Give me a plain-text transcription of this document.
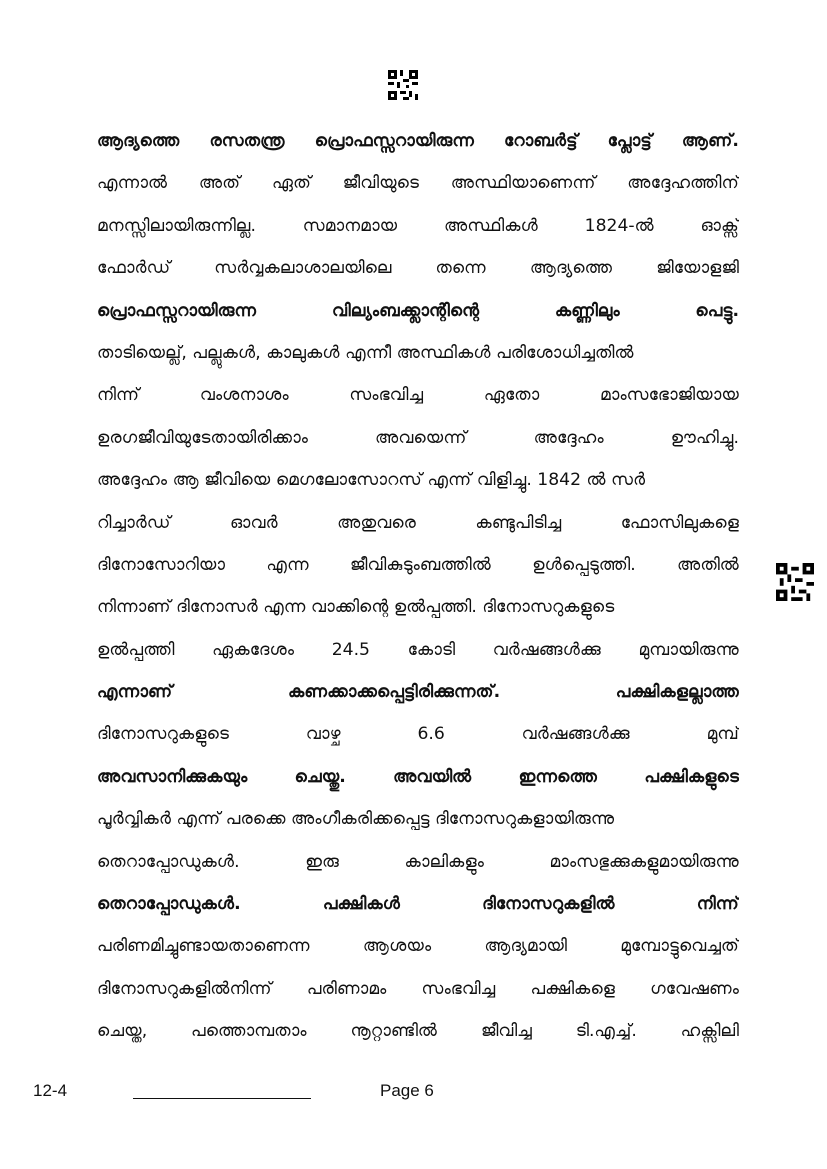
ആദ്യത്തെ രസതന്ത്ര പ്രൊഫസ്സറായിരുന്ന റോബർട്ട് പ്ലോട്ട് ആണ്.
എന്നാൽ അത് ഏത് ജീവിയുടെ അസ്ഥിയാണെന്ന് അദ്ദേഹത്തിന്
മനസ്സിലായിരുന്നില്ല.	സമാനമായ	അസ്ഥികൾ	1824-ൽ	ഓക്സ്
ഫോർഡ്	സർവ്വകലാശാലയിലെ	തന്നെ	ആദ്യത്തെ	ജിയോളജി
പ്രൊഫസ്സറായിരുന്ന	വില്യംബക്ക്ലാന്റിന്റെ	കണ്ണിലും	പെട്ടു.
താടിയെല്ല്, പല്ലുകൾ, കാലുകൾ എന്നീ അസ്ഥികൾ പരിശോധിച്ചതിൽ
നിന്ന്	വംശനാശം	സംഭവിച്ച	ഏതോ	മാംസഭോജിയായ
ഉരഗജീവിയുടേതായിരിക്കാം	അവയെന്ന്	അദ്ദേഹം	ഊഹിച്ചു.
അദ്ദേഹം ആ ജീവിയെ മെഗലോസോറസ് എന്ന് വിളിച്ചു. 1842 ൽ സർ
റിച്ചാർഡ്	ഓവർ	അതുവരെ	കണ്ടുപിടിച്ച	ഫോസിലുകളെ
ദിനോസോറിയാ എന്ന ജീവികുടുംബത്തിൽ ഉൾപ്പെടുത്തി. അതിൽ
നിന്നാണ് ദിനോസർ എന്ന വാക്കിന്റെ ഉൽപ്പത്തി. ദിനോസറുകളുടെ
ഉൽപ്പത്തി ഏകദേശം 24.5 കോടി വർഷങ്ങൾക്കു മുമ്പായിരുന്നു
എന്നാണ്	കണക്കാക്കപ്പെട്ടിരിക്കുന്നത്.	പക്ഷികളല്ലാത്ത
ദിനോസറുകളുടെ	വാഴ്ച	6.6	വർഷങ്ങൾക്കു	മുമ്പ്
അവസാനിക്കുകയും	ചെയ്തു.	അവയിൽ	ഇന്നത്തെ	പക്ഷികളുടെ
പൂർവ്വികർ എന്ന് പരക്കെ അംഗീകരിക്കപ്പെട്ട ദിനോസറുകളായിരുന്നു
തെറാപ്പോഡുകൾ.	ഇരു	കാലികളും	മാംസഭുക്കുകളുമായിരുന്നു
തെറാപ്പോഡുകൾ.	പക്ഷികൾ	ദിനോസറുകളിൽ	നിന്ന്
പരിണമിച്ചുണ്ടായതാണെന്ന	ആശയം	ആദ്യമായി	മുമ്പോട്ടുവെച്ചത്
ദിനോസറുകളിൽനിന്ന് പരിണാമം സംഭവിച്ച പക്ഷികളെ ഗവേഷണം
ചെയ്ത,	പത്തൊമ്പതാം	നൂറ്റാണ്ടിൽ	ജീവിച്ച	ടി.എച്ച്.	ഹക്സിലി
12-4	Page 6
